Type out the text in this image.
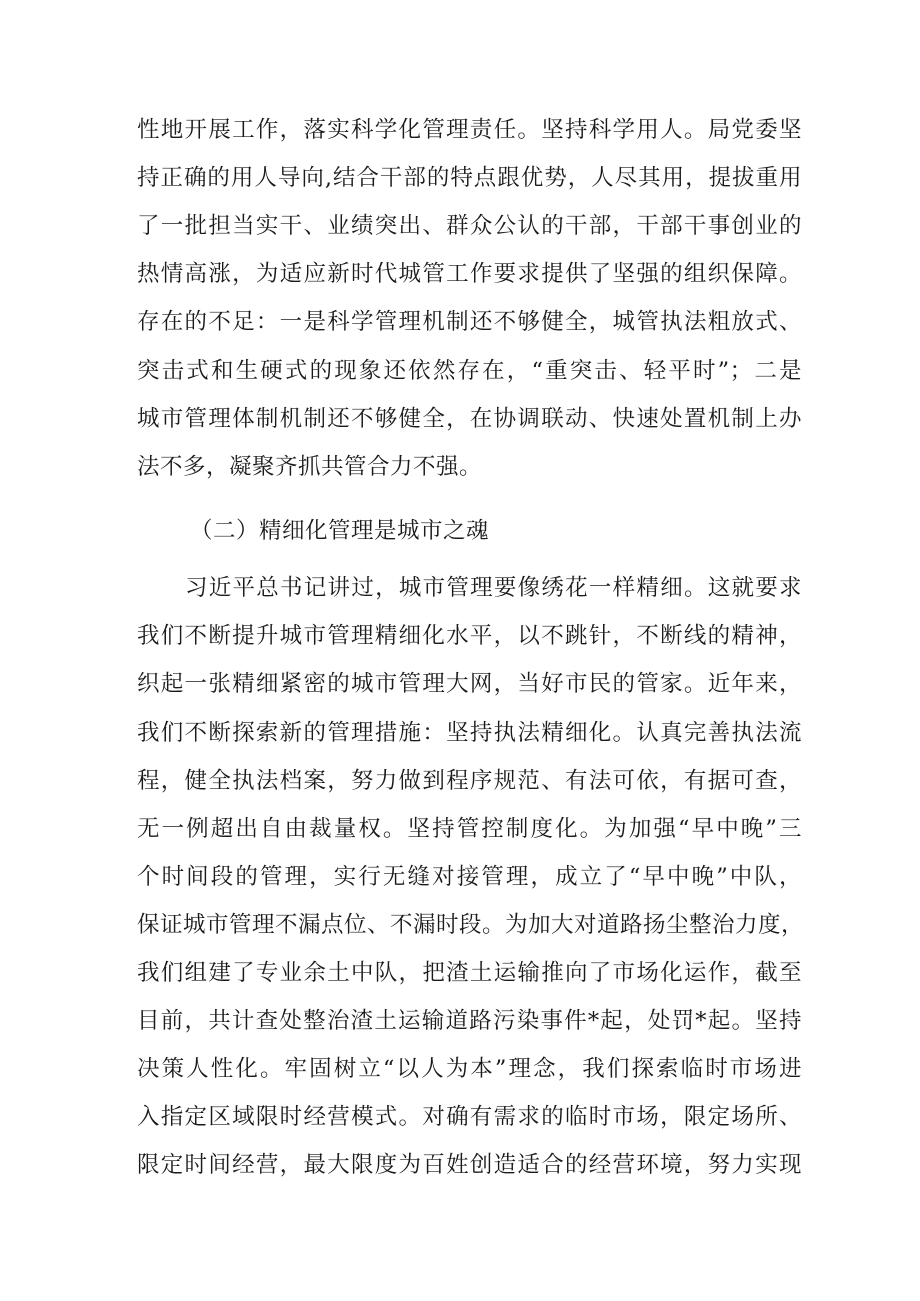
性地开展工作，落实科学化管理责任。坚持科学用人。局党委坚
持正确的用人导向,结合干部的特点跟优势，人尽其用，提拔重用
了一批担当实干、业绩突出、群众公认的干部，干部干事创业的
热情高涨，为适应新时代城管工作要求提供了坚强的组织保障。
存在的不足：一是科学管理机制还不够健全，城管执法粗放式、
突击式和生硬式的现象还依然存在，“重突击、轻平时”；二是
城市管理体制机制还不够健全，在协调联动、快速处置机制上办
法不多，凝聚齐抓共管合力不强。
（二）精细化管理是城市之魂
习近平总书记讲过，城市管理要像绣花一样精细。这就要求
我们不断提升城市管理精细化水平，以不跳针，不断线的精神，
织起一张精细紧密的城市管理大网，当好市民的管家。近年来，
我们不断探索新的管理措施：坚持执法精细化。认真完善执法流
程，健全执法档案，努力做到程序规范、有法可依，有据可查，
无一例超出自由裁量权。坚持管控制度化。为加强“早中晚”三
个时间段的管理，实行无缝对接管理，成立了“早中晚”中队，
保证城市管理不漏点位、不漏时段。为加大对道路扬尘整治力度，
我们组建了专业余土中队，把渣土运输推向了市场化运作，截至
目前，共计查处整治渣土运输道路污染事件*起，处罚*起。坚持
决策人性化。牢固树立“以人为本”理念，我们探索临时市场进
入指定区域限时经营模式。对确有需求的临时市场，限定场所、
限定时间经营，最大限度为百姓创造适合的经营环境，努力实现
